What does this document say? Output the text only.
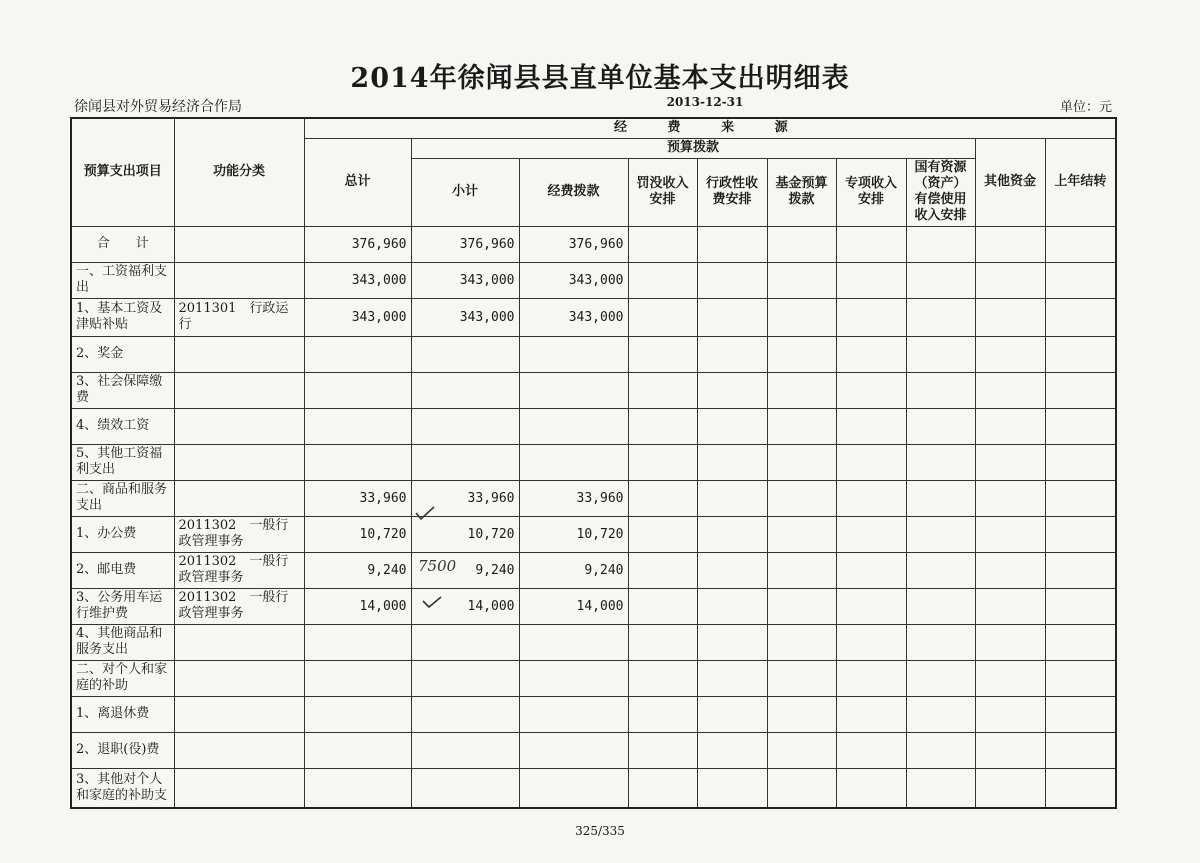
2014年徐闻县县直单位基本支出明细表
徐闻县对外贸易经济合作局	2013-12-31	单位：元
预算支出项目	功能分类	经 费 来 源									
		总计	预算拨款							其他资金	上年结转
			小计	经费拨款	罚没收入安排	行政性收费安排	基金预算拨款	专项收入安排	国有资源（资产）有偿使用收入安排		
合　　计		376,960	376,960	376,960							
一、工资福利支出		343,000	343,000	343,000							
1、基本工资及津贴补贴	2011301　行政运行	343,000	343,000	343,000							
2、奖金											
3、社会保障缴费											
4、绩效工资											
5、其他工资福利支出											
二、商品和服务支出		33,960	33,960	33,960							
1、办公费	2011302　一般行政管理事务	10,720	10,720	10,720							
2、邮电费	2011302　一般行政管理事务	9,240	9,240	9,240							
3、公务用车运行维护费	2011302　一般行政管理事务	14,000	14,000	14,000							
4、其他商品和服务支出											
二、对个人和家庭的补助											
1、离退休费											
2、退职(役)费											
3、其他对个人和家庭的补助支											
7500
325/335
